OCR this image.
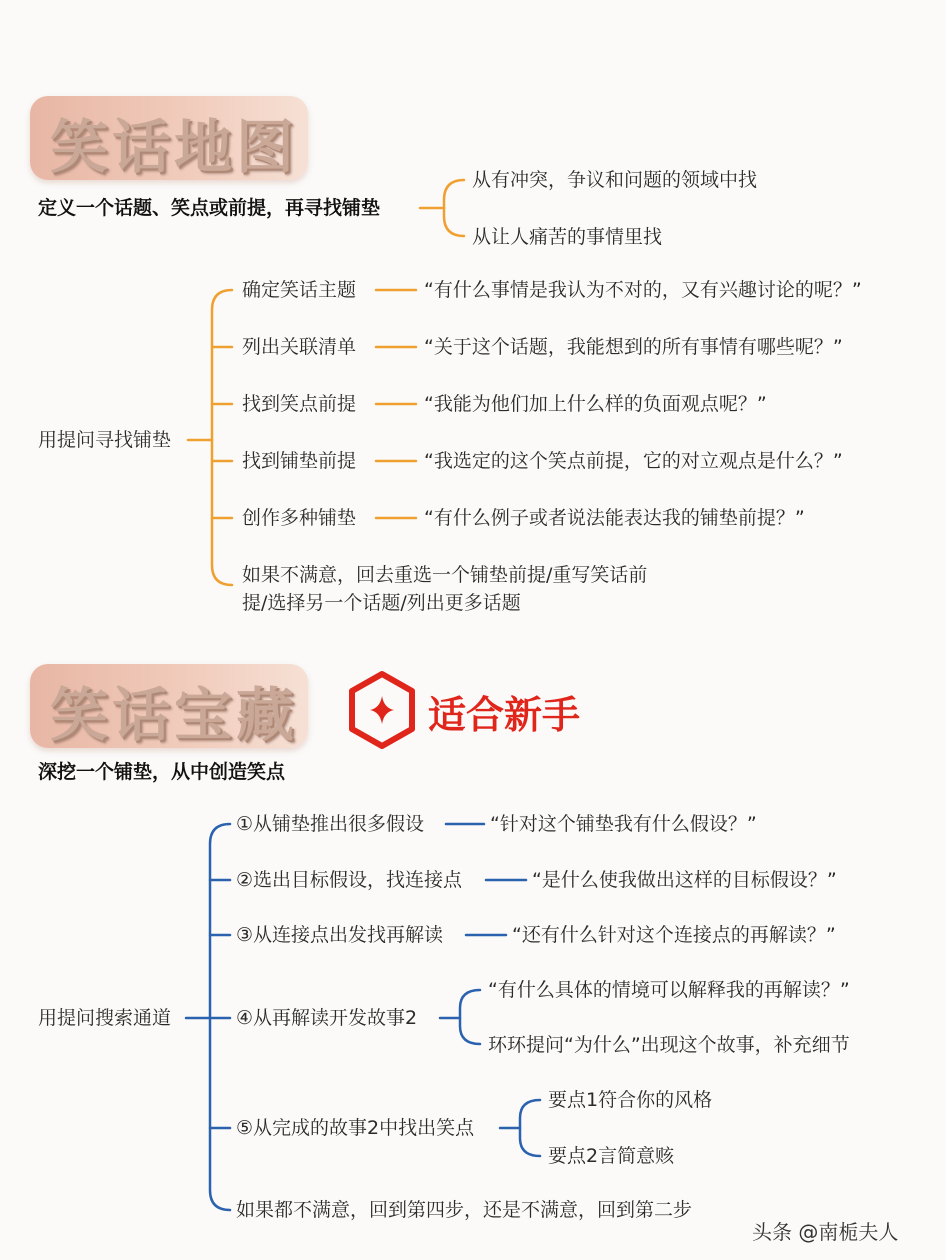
笑话地图
定义一个话题、笑点或前提，再寻找铺垫
从有冲突，争议和问题的领域中找
从让人痛苦的事情里找
用提问寻找铺垫
确定笑话主题	“有什么事情是我认为不对的，又有兴趣讨论的呢？”
列出关联清单	“关于这个话题，我能想到的所有事情有哪些呢？”
找到笑点前提	“我能为他们加上什么样的负面观点呢？”
找到铺垫前提	“我选定的这个笑点前提，它的对立观点是什么？”
创作多种铺垫	“有什么例子或者说法能表达我的铺垫前提？”
如果不满意，回去重选一个铺垫前提/重写笑话前
提/选择另一个话题/列出更多话题
笑话宝藏	适合新手
深挖一个铺垫，从中创造笑点
用提问搜索通道
①从铺垫推出很多假设	“针对这个铺垫我有什么假设？”
②选出目标假设，找连接点	“是什么使我做出这样的目标假设？”
③从连接点出发找再解读	“还有什么针对这个连接点的再解读？”
④从再解读开发故事2
“有什么具体的情境可以解释我的再解读？”
环环提问“为什么”出现这个故事，补充细节
⑤从完成的故事2中找出笑点
要点1符合你的风格
要点2言简意赅
如果都不满意，回到第四步，还是不满意，回到第二步
头条 @南栀夫人
